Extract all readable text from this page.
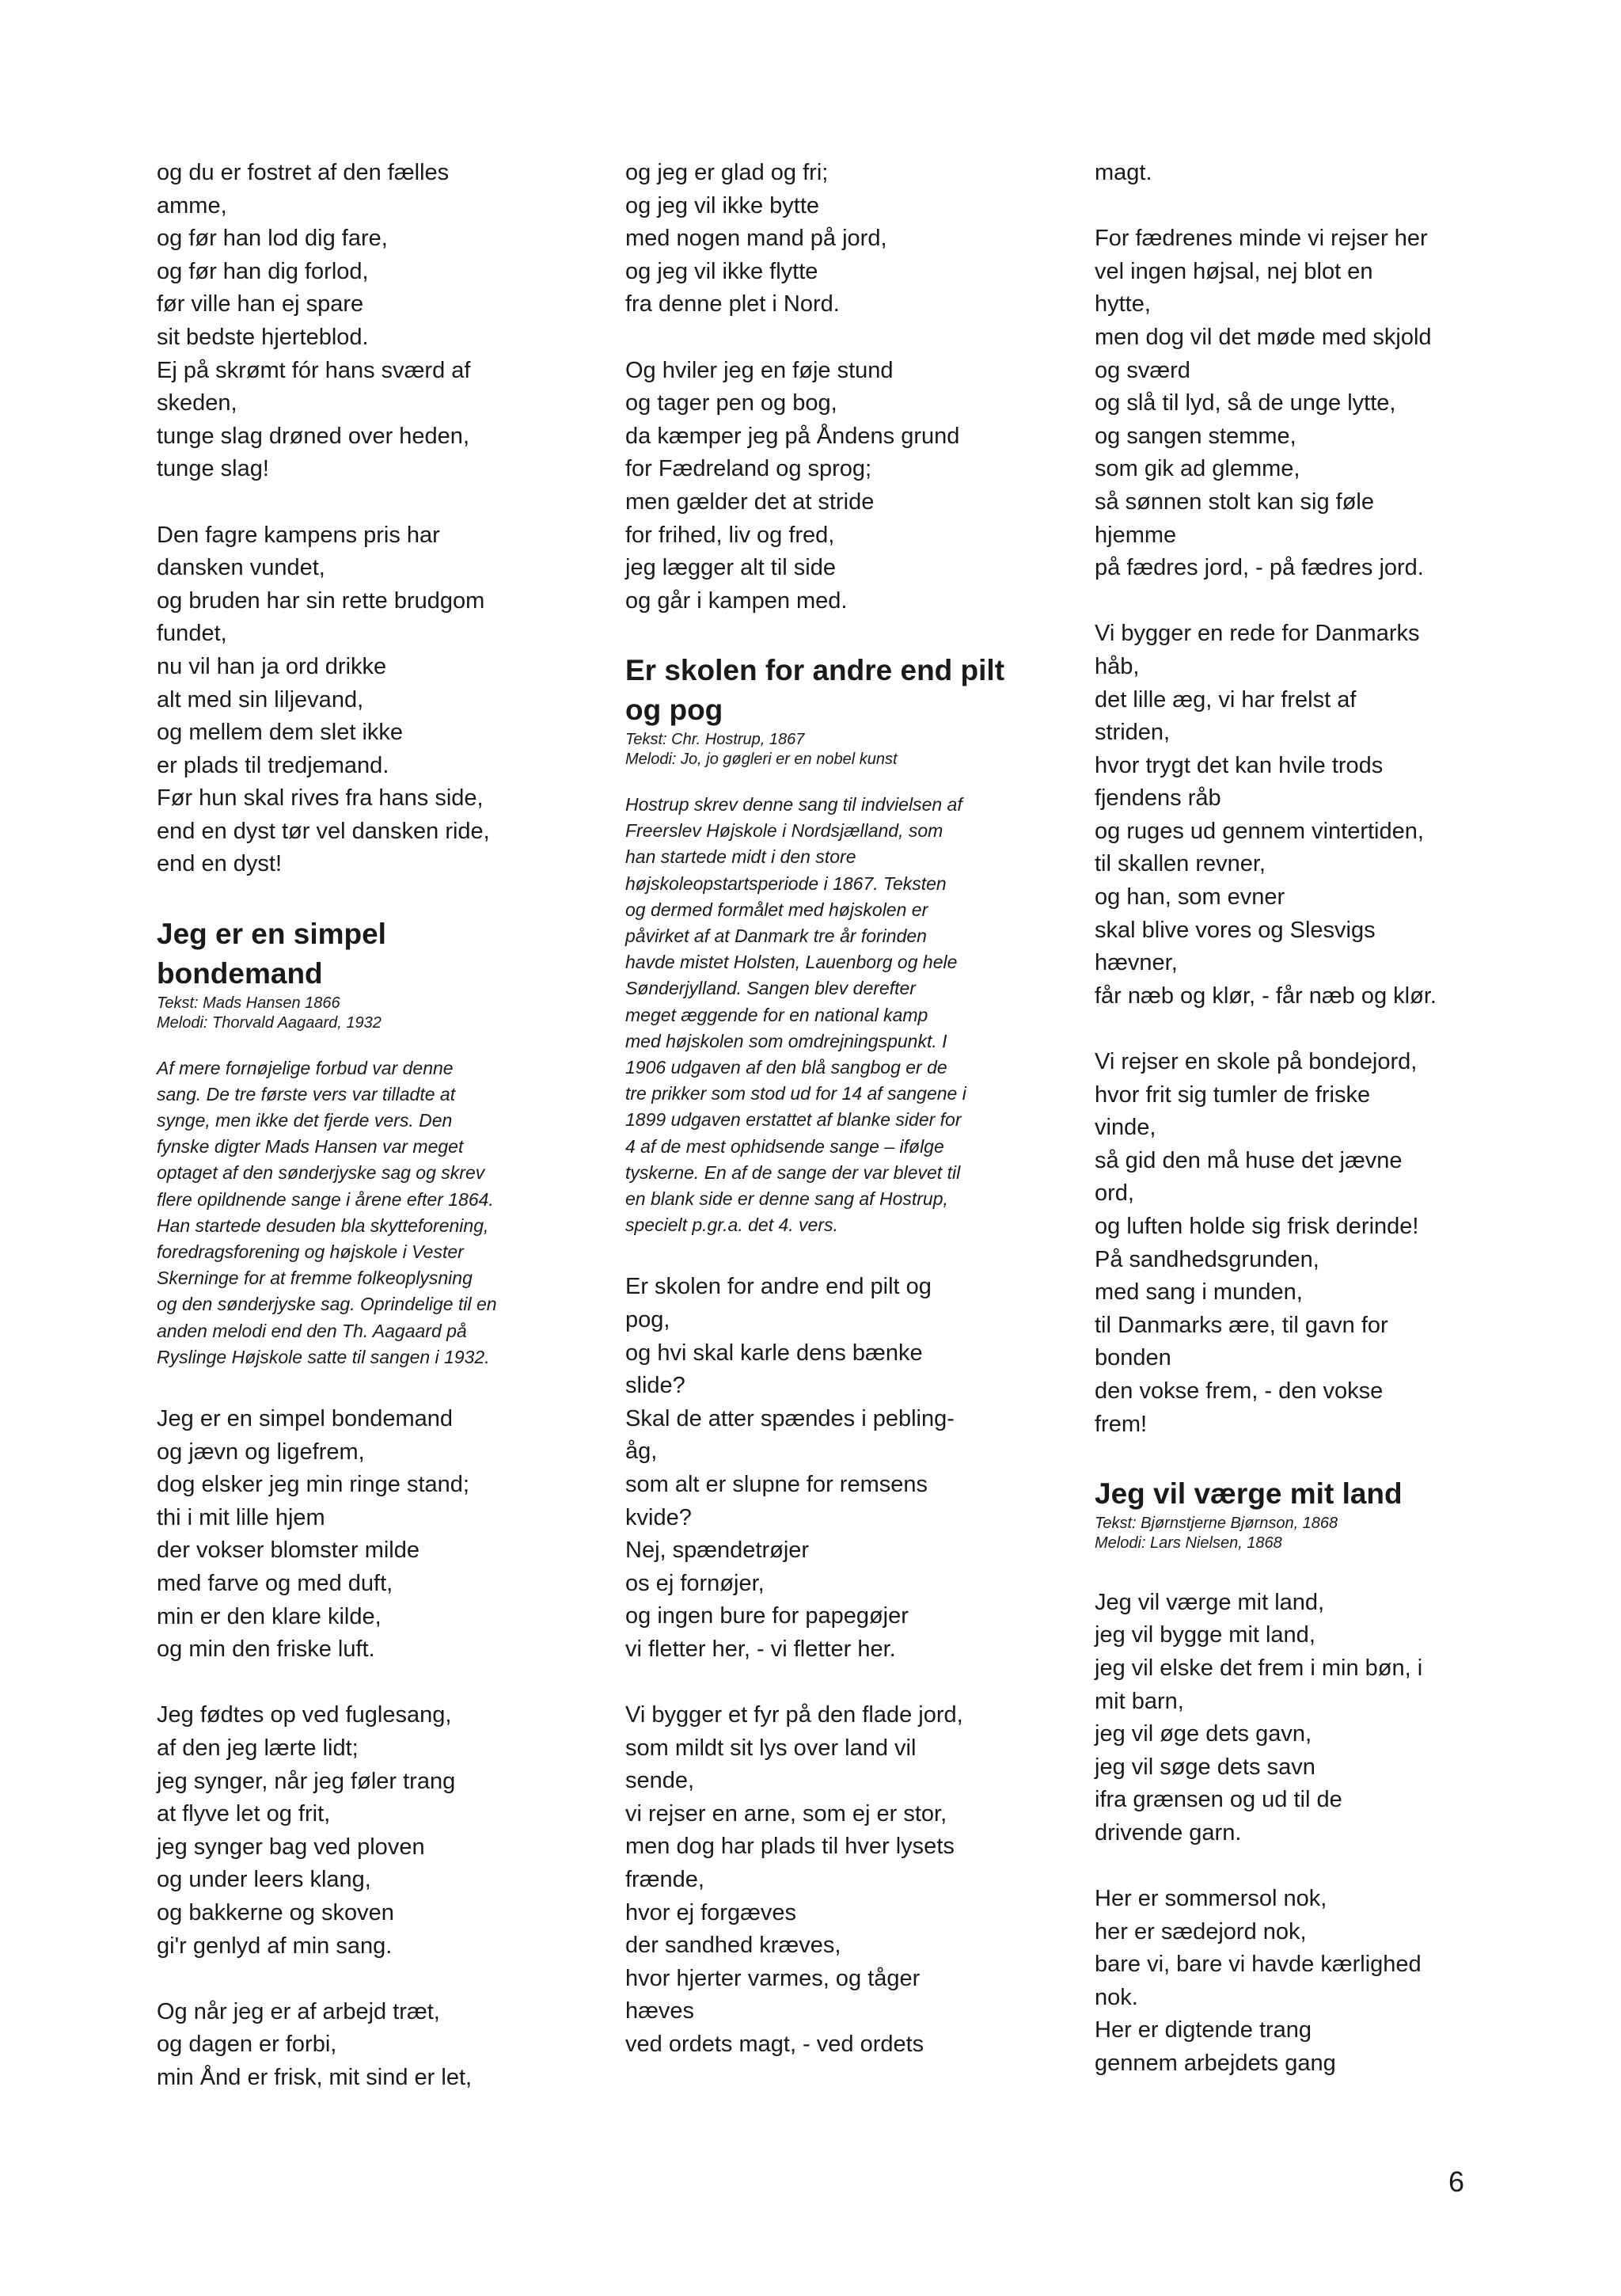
og du er fostret af den fælles
amme,
og før han lod dig fare,
og før han dig forlod,
før ville han ej spare
sit bedste hjerteblod.
Ej på skrømt fór hans sværd af
skeden,
tunge slag drøned over heden,
tunge slag!
Den fagre kampens pris har
dansken vundet,
og bruden har sin rette brudgom
fundet,
nu vil han ja ord drikke
alt med sin liljevand,
og mellem dem slet ikke
er plads til tredjemand.
Før hun skal rives fra hans side,
end en dyst tør vel dansken ride,
end en dyst!
Jeg er en simpel
bondemand
Tekst: Mads Hansen 1866
Melodi: Thorvald Aagaard, 1932
Af mere fornøjelige forbud var denne
sang. De tre første vers var tilladte at
synge, men ikke det fjerde vers. Den
fynske digter Mads Hansen var meget
optaget af den sønderjyske sag og skrev
flere opildnende sange i årene efter 1864.
Han startede desuden bla skytteforening,
foredragsforening og højskole i Vester
Skerninge for at fremme folkeoplysning
og den sønderjyske sag. Oprindelige til en
anden melodi end den Th. Aagaard på
Ryslinge Højskole satte til sangen i 1932.
Jeg er en simpel bondemand
og jævn og ligefrem,
dog elsker jeg min ringe stand;
thi i mit lille hjem
der vokser blomster milde
med farve og med duft,
min er den klare kilde,
og min den friske luft.
Jeg fødtes op ved fuglesang,
af den jeg lærte lidt;
jeg synger, når jeg føler trang
at flyve let og frit,
jeg synger bag ved ploven
og under leers klang,
og bakkerne og skoven
gi'r genlyd af min sang.
Og når jeg er af arbejd træt,
og dagen er forbi,
min Ånd er frisk, mit sind er let,
og jeg er glad og fri;
og jeg vil ikke bytte
med nogen mand på jord,
og jeg vil ikke flytte
fra denne plet i Nord.
Og hviler jeg en føje stund
og tager pen og bog,
da kæmper jeg på Åndens grund
for Fædreland og sprog;
men gælder det at stride
for frihed, liv og fred,
jeg lægger alt til side
og går i kampen med.
Er skolen for andre end pilt
og pog
Tekst: Chr. Hostrup, 1867
Melodi: Jo, jo gøgleri er en nobel kunst
Hostrup skrev denne sang til indvielsen af
Freerslev Højskole i Nordsjælland, som
han startede midt i den store
højskoleopstartsperiode i 1867. Teksten
og dermed formålet med højskolen er
påvirket af at Danmark tre år forinden
havde mistet Holsten, Lauenborg og hele
Sønderjylland. Sangen blev derefter
meget æggende for en national kamp
med højskolen som omdrejningspunkt. I
1906 udgaven af den blå sangbog er de
tre prikker som stod ud for 14 af sangene i
1899 udgaven erstattet af blanke sider for
4 af de mest ophidsende sange – ifølge
tyskerne. En af de sange der var blevet til
en blank side er denne sang af Hostrup,
specielt p.gr.a. det 4. vers.
Er skolen for andre end pilt og
pog,
og hvi skal karle dens bænke
slide?
Skal de atter spændes i pebling-
åg,
som alt er slupne for remsens
kvide?
Nej, spændetrøjer
os ej fornøjer,
og ingen bure for papegøjer
vi fletter her, - vi fletter her.
Vi bygger et fyr på den flade jord,
som mildt sit lys over land vil
sende,
vi rejser en arne, som ej er stor,
men dog har plads til hver lysets
frænde,
hvor ej forgæves
der sandhed kræves,
hvor hjerter varmes, og tåger
hæves
ved ordets magt, - ved ordets
magt.
For fædrenes minde vi rejser her
vel ingen højsal, nej blot en
hytte,
men dog vil det møde med skjold
og sværd
og slå til lyd, så de unge lytte,
og sangen stemme,
som gik ad glemme,
så sønnen stolt kan sig føle
hjemme
på fædres jord, - på fædres jord.
Vi bygger en rede for Danmarks
håb,
det lille æg, vi har frelst af
striden,
hvor trygt det kan hvile trods
fjendens råb
og ruges ud gennem vintertiden,
til skallen revner,
og han, som evner
skal blive vores og Slesvigs
hævner,
får næb og klør, - får næb og klør.
Vi rejser en skole på bondejord,
hvor frit sig tumler de friske
vinde,
så gid den må huse det jævne
ord,
og luften holde sig frisk derinde!
På sandhedsgrunden,
med sang i munden,
til Danmarks ære, til gavn for
bonden
den vokse frem, - den vokse
frem!
Jeg vil værge mit land
Tekst: Bjørnstjerne Bjørnson, 1868
Melodi: Lars Nielsen, 1868
Jeg vil værge mit land,
jeg vil bygge mit land,
jeg vil elske det frem i min bøn, i
mit barn,
jeg vil øge dets gavn,
jeg vil søge dets savn
ifra grænsen og ud til de
drivende garn.
Her er sommersol nok,
her er sædejord nok,
bare vi, bare vi havde kærlighed
nok.
Her er digtende trang
gennem arbejdets gang
6
